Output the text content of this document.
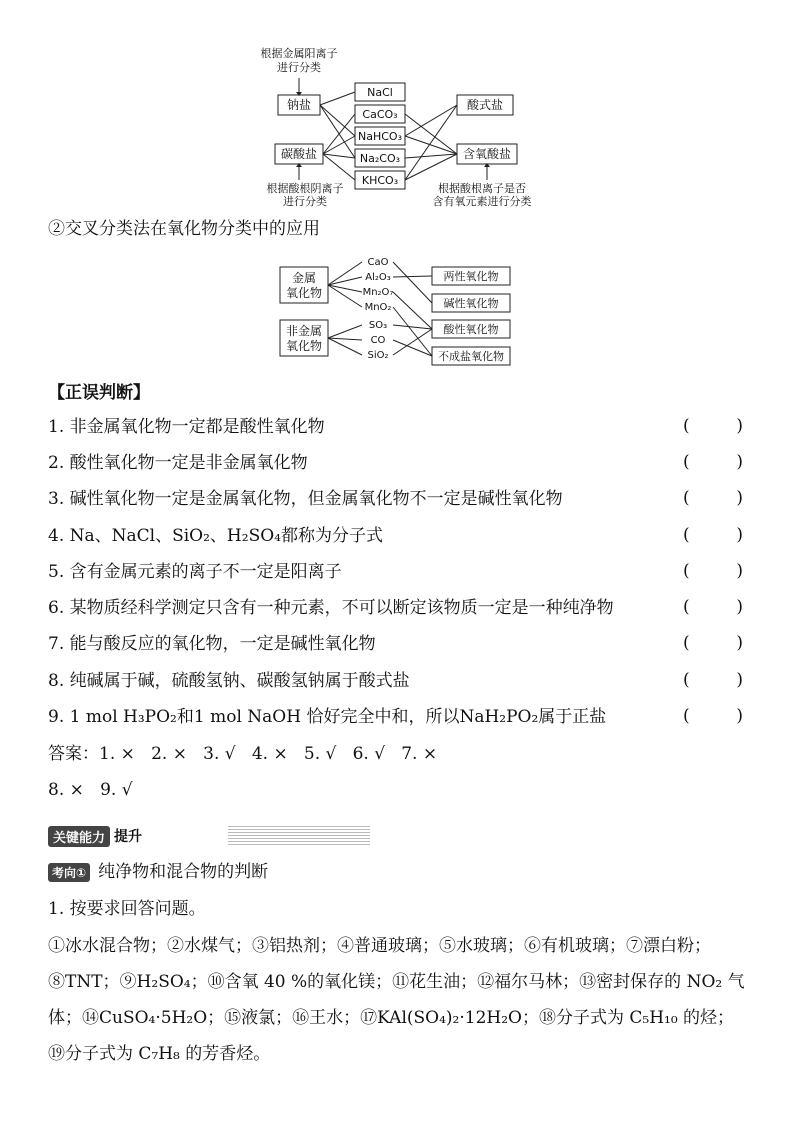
根据金属阳离子
进行分类
钠盐
碳酸盐
NaCl
CaCO₃
NaHCO₃
Na₂CO₃
KHCO₃
酸式盐
含氧酸盐
根据酸根阴离子
进行分类
根据酸根离子是否
含有氧元素进行分类
②交叉分类法在氧化物分类中的应用
金属
氧化物
非金属
氧化物
CaO
Al₂O₃
Mn₂O₇
MnO₂
SO₃
CO
SiO₂
两性氧化物
碱性氧化物
酸性氧化物
不成盐氧化物
【正误判断】
1. 非金属氧化物一定都是酸性氧化物	(	)
2. 酸性氧化物一定是非金属氧化物	(	)
3. 碱性氧化物一定是金属氧化物，但金属氧化物不一定是碱性氧化物	(	)
4. Na、NaCl、SiO₂、H₂SO₄都称为分子式	(	)
5. 含有金属元素的离子不一定是阳离子	(	)
6. 某物质经科学测定只含有一种元素，不可以断定该物质一定是一种纯净物	(	)
7. 能与酸反应的氧化物，一定是碱性氧化物	(	)
8. 纯碱属于碱，硫酸氢钠、碳酸氢钠属于酸式盐	(	)
9. 1 mol H₃PO₂和1 mol NaOH 恰好完全中和，所以NaH₂PO₂属于正盐	(	)
答案：1. ×   2. ×   3. √   4. ×   5. √   6. √   7. ×
8. ×   9. √
关键能力 提升
考向① 纯净物和混合物的判断
1. 按要求回答问题。
①冰水混合物；②水煤气；③铝热剂；④普通玻璃；⑤水玻璃；⑥有机玻璃；⑦漂白粉；⑧TNT；⑨H₂SO₄；⑩含氧 40 %的氧化镁；⑪花生油；⑫福尔马林；⑬密封保存的 NO₂ 气体；⑭CuSO₄·5H₂O；⑮液氯；⑯王水；⑰KAl(SO₄)₂·12H₂O；⑱分子式为 C₅H₁₀ 的烃；⑲分子式为 C₇H₈ 的芳香烃。
